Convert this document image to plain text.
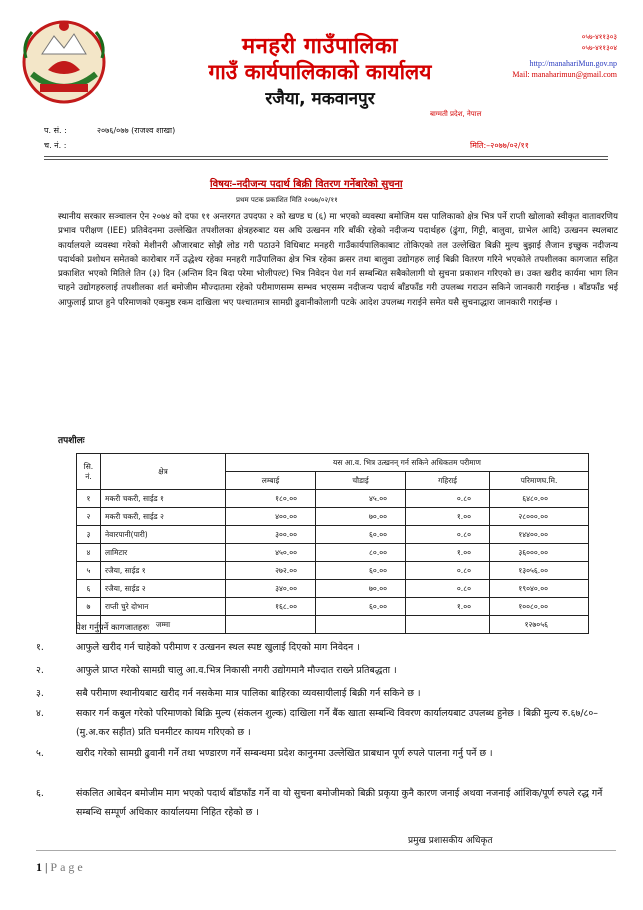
मनहरी गाउँपालिका
गाउँ कार्यपालिकाको कार्यालय
रजैया, मकवानपुर
०५७-४११३०३
०५७-४११३०४
http://manahariMun.gov.np
Mail: manaharimun@gmail.com
बाग्मती प्रदेश, नेपाल
प. सं. :	२०७६/०७७ (राजश्व शाखा)
च. नं. :	मिति:–२०७७/०२/११
विषयः–नदीजन्य पदार्थ बिक्री वितरण गर्नेबारेको सुचना
प्रथम पटक प्रकाशित मिति २०७७/०२/११
स्थानीय सरकार सञ्चालन ऐन २०७४ को दफा ११ अन्तरगत उपदफा २ को खण्ड घ (६) मा भएको व्यवस्था बमोजिम यस पालिकाको क्षेत्र भित्र पर्ने राप्ती खोलाको स्वीकृत वातावरणिय प्रभाव परीक्षण (IEE) प्रतिवेदनमा उल्लेखित तपशीलका क्षेत्रहरुबाट यस अघि उत्खनन गरि बाँकी रहेको नदीजन्य पदार्थहरु (ढुंगा, गिट्टी, बालुवा, ग्राभेल आदि) उत्खनन स्थलबाट कार्यालयले व्यवस्था गरेको मेशीनरी औजारबाट सोझै लोड गरी पठाउने विधिबाट मनहरी गाउँकार्यपालिकाबाट तोकिएको तल उल्लेखित बिक्री मुल्य बुझाई लैजान इच्छुक नदीजन्य पदार्थको प्रशोधन समेतको कारोबार गर्ने उद्धेश्य रहेका मनहरी गाउँपालिका क्षेत्र भित्र रहेका क्रसर तथा बालुवा उद्योगहरु लाई बिक्री वितरण गरिने भएकोले तपशीलका कागजात सहित प्रकाशित भएको मितिले तिन (३) दिन (अन्तिम दिन बिदा परेमा भोलीपल्ट) भित्र निवेदन पेश गर्न सम्बन्धित सबैकोलागी यो सुचना प्रकाशन गरिएको छ। उक्त खरीद कार्यमा भाग लिन चाहने उद्योगहरुलाई तपशीलका शर्त बमोजीम मौज्दातमा रहेको परीमाणसम्म सम्भव भएसम्म नदीजन्य पदार्थ बाँडफाँड गरी उपलब्ध गराउन सकिने जानकारी गराईन्छ । बाँडफाँड भई आफुलाई प्राप्त हुने परिमाणको एकमुष्ठ रकम दाखिला भए पश्चातमात्र सामग्री ढुवानीकोलागी पटके आदेश उपलब्ध गराईने समेत यसै सुचनाद्धारा जानकारी गराईन्छ ।
तपशीलः
सि. नं.	क्षेत्र	यस आ.व. भित्र उत्खनन् गर्न सकिने अधिकतम परीमाण			
		लम्बाई	चौडाई	गहिराई	परिमाणघ.मि.
१	मकरी चकरी, साईड १	१८०.००	४५.००	०.८०	६४८०.००
२	मकरी चकरी, साईड २	४००.००	७०.००	१.००	२८०००.००
३	नेवारपानी(पारी)	३००.००	६०.००	०.८०	१४४००.००
४	लामिटार	४५०.००	८०.००	१.००	३६०००.००
५	रजैया, साईड १	२७२.००	६०.००	०.८०	१३०५६.००
६	रजैया, साईड २	३४०.००	७०.००	०.८०	१९०४०.००
७	राप्ती चुरे दोभान	१६८.००	६०.००	१.००	१००८०.००
	जम्मा				१२७०५६
पेश गर्नुपर्ने कागजातहरुः
१.	आफुले खरीद गर्न चाहेको परीमाण र उत्खनन स्थल स्पष्ट खुलाई दिएको माग निवेदन ।
२.	आफुले प्राप्त गरेको सामग्री चालु आ.व.भित्र निकासी नगरी उद्योगमानै मौज्दात राख्ने प्रतिबद्धता ।
३.	सबै परीमाण स्थानीयबाट खरीद गर्न नसकेमा मात्र पालिका बाहिरका व्यवसायीलाई बिक्री गर्न सकिने छ ।
४.	सकार गर्न कबुल गरेको परिमाणको बिक्रि मुल्य (संकलन शुल्क) दाखिला गर्ने बैंक खाता सम्बन्धि विवरण कार्यालयबाट उपलब्ध हुनेछ । बिक्री मुल्य रु.६७/८०–(मु.अ.कर सहीत) प्रति घनमीटर कायम गरिएको छ ।
५.	खरीद गरेको सामग्री ढुवानी गर्ने तथा भण्डारण गर्ने सम्बन्धमा प्रदेश कानुनमा उल्लेखित प्राबधान पूर्ण रुपले पालना गर्नु पर्ने छ ।
६.	संकलित आबेदन बमोजीम माग भएको पदार्थ बाँडफाँड गर्ने वा यो सुचना बमोजीमको बिक्री प्रकृया कुनै कारण जनाई अथवा नजनाई आंशिक/पूर्ण रुपले रद्ध गर्ने सम्बन्धि सम्पूर्ण अधिकार कार्यालयमा निहित रहेको छ ।
प्रमुख प्रशासकीय अधिकृत
1 | Page
